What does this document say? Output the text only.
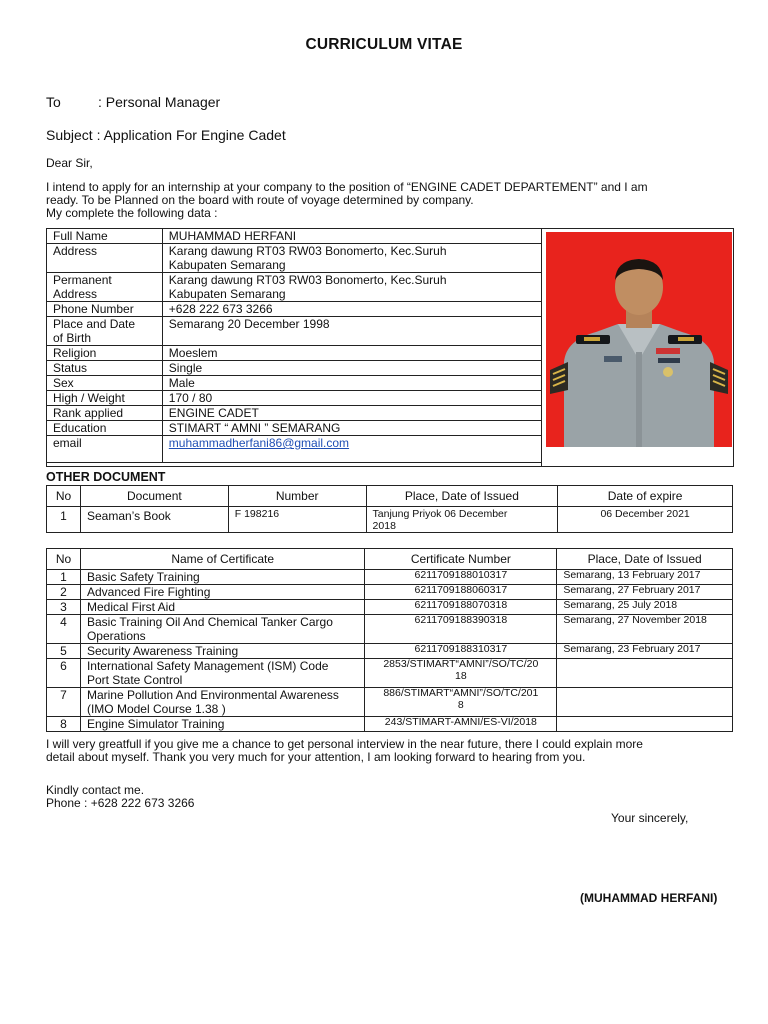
CURRICULUM VITAE
To	: Personal Manager
Subject : Application For Engine Cadet
Dear Sir,
I intend to apply for an internship at your company to the position of “ENGINE CADET DEPARTEMENT” and I am
ready. To be Planned on the board with route of voyage determined by company.
My complete the following data :
Full Name	MUHAMMAD HERFANI
Address	Karang dawung RT03 RW03 Bonomerto, Kec.Suruh
Kabupaten Semarang
Permanent
Address	Karang dawung RT03 RW03 Bonomerto, Kec.Suruh
Kabupaten Semarang
Phone Number	+628 222 673 3266
Place and Date
of Birth	Semarang 20 December 1998
Religion	Moeslem
Status	Single
Sex	Male
High / Weight	170 / 80
Rank applied	ENGINE CADET
Education	STIMART “ AMNI ” SEMARANG
email	muhammadherfani86@gmail.com
OTHER DOCUMENT
No	Document	Number	Place, Date of Issued	Date of expire
1	Seaman’s Book	F 198216	Tanjung Priyok 06 December
2018	06 December 2021
No	Name of Certificate	Certificate Number	Place, Date of Issued
1	Basic Safety Training	6211709188010317	Semarang, 13 February 2017
2	Advanced Fire Fighting	6211709188060317	Semarang, 27 February 2017
3	Medical First Aid	6211709188070318	Semarang, 25 July 2018
4	Basic Training Oil And Chemical Tanker Cargo
Operations	6211709188390318	Semarang, 27 November 2018
5	Security Awareness Training	6211709188310317	Semarang, 23 February 2017
6	International Safety Management (ISM) Code
Port State Control	2853/STIMART“AMNI”/SO/TC/20
18	
7	Marine Pollution And Environmental Awareness
(IMO Model Course 1.38 )	886/STIMART“AMNI”/SO/TC/201
8	
8	Engine Simulator Training	243/STIMART-AMNI/ES-VI/2018	
I will very greatfull if you give me a chance to get personal interview in the near future, there I could explain more
detail about myself. Thank you very much for your attention, I am looking forward to hearing from you.
Kindly contact me.
Phone : +628 222 673 3266
Your sincerely,
(MUHAMMAD HERFANI)
